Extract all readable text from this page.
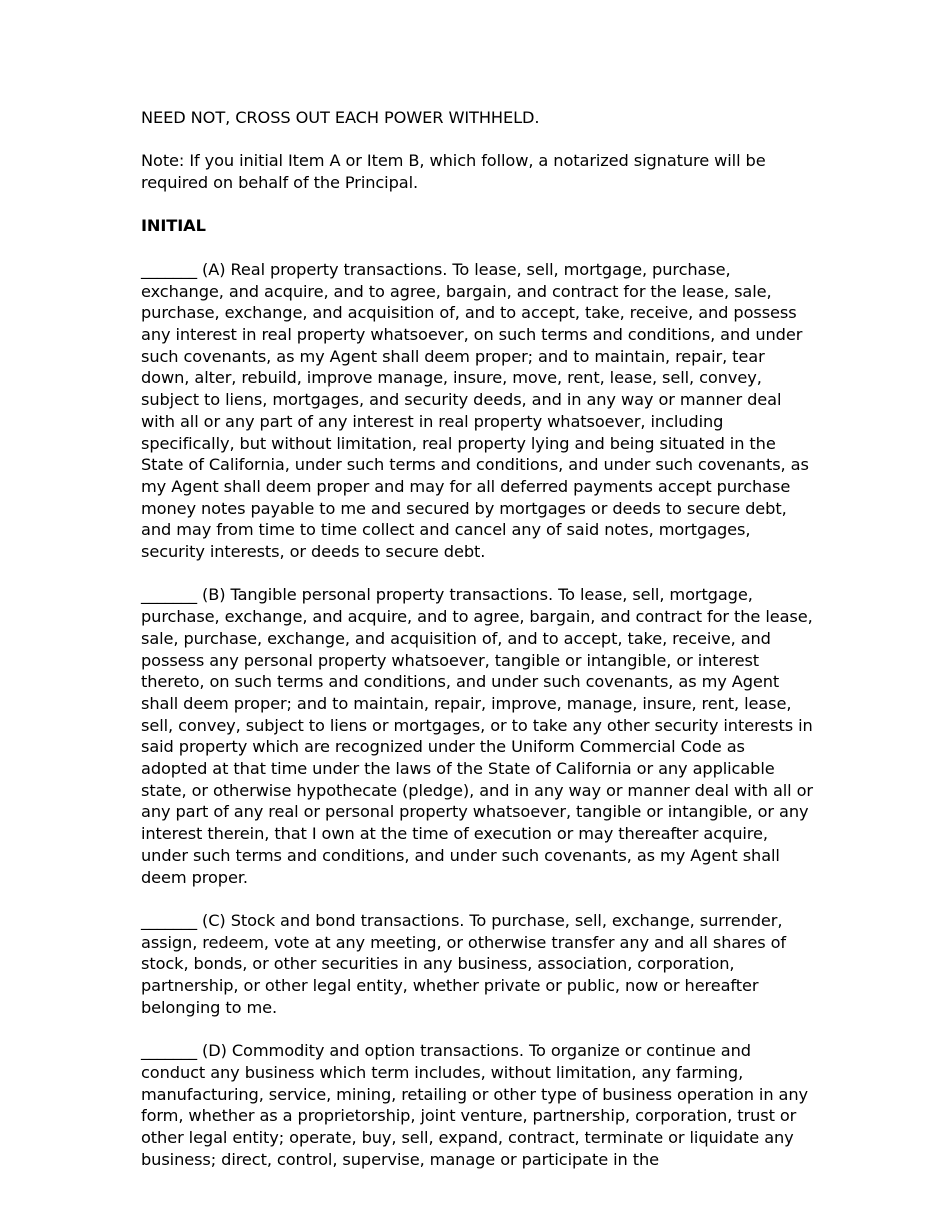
NEED NOT, CROSS OUT EACH POWER WITHHELD.

Note: If you initial Item A or Item B, which follow, a notarized signature will be required on behalf of the Principal.

INITIAL

_______ (A) Real property transactions. To lease, sell, mortgage, purchase, exchange, and acquire, and to agree, bargain, and contract for the lease, sale, purchase, exchange, and acquisition of, and to accept, take, receive, and possess any interest in real property whatsoever, on such terms and conditions, and under such covenants, as my Agent shall deem proper; and to maintain, repair, tear down, alter, rebuild, improve manage, insure, move, rent, lease, sell, convey, subject to liens, mortgages, and security deeds, and in any way or manner deal with all or any part of any interest in real property whatsoever, including specifically, but without limitation, real property lying and being situated in the State of California, under such terms and conditions, and under such covenants, as my Agent shall deem proper and may for all deferred payments accept purchase money notes payable to me and secured by mortgages or deeds to secure debt, and may from time to time collect and cancel any of said notes, mortgages, security interests, or deeds to secure debt.

_______ (B) Tangible personal property transactions. To lease, sell, mortgage, purchase, exchange, and acquire, and to agree, bargain, and contract for the lease, sale, purchase, exchange, and acquisition of, and to accept, take, receive, and possess any personal property whatsoever, tangible or intangible, or interest thereto, on such terms and conditions, and under such covenants, as my Agent shall deem proper; and to maintain, repair, improve, manage, insure, rent, lease, sell, convey, subject to liens or mortgages, or to take any other security interests in said property which are recognized under the Uniform Commercial Code as adopted at that time under the laws of the State of California or any applicable state, or otherwise hypothecate (pledge), and in any way or manner deal with all or any part of any real or personal property whatsoever, tangible or intangible, or any interest therein, that I own at the time of execution or may thereafter acquire, under such terms and conditions, and under such covenants, as my Agent shall deem proper.

_______ (C) Stock and bond transactions. To purchase, sell, exchange, surrender, assign, redeem, vote at any meeting, or otherwise transfer any and all shares of stock, bonds, or other securities in any business, association, corporation, partnership, or other legal entity, whether private or public, now or hereafter belonging to me.

_______ (D) Commodity and option transactions. To organize or continue and conduct any business which term includes, without limitation, any farming, manufacturing, service, mining, retailing or other type of business operation in any form, whether as a proprietorship, joint venture, partnership, corporation, trust or other legal entity; operate, buy, sell, expand, contract, terminate or liquidate any business; direct, control, supervise, manage or participate in the
